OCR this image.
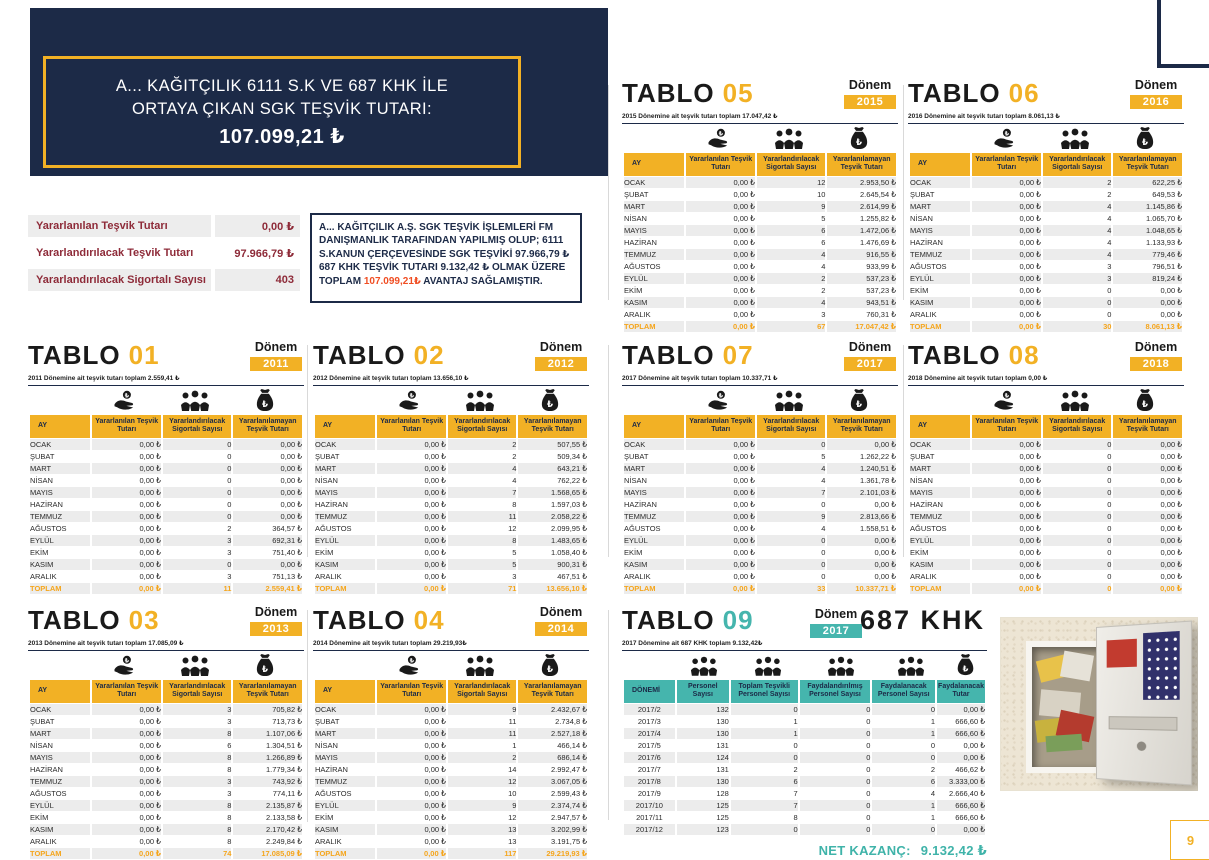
A... KAĞITÇILIK 6111 S.K VE 687 KHK İLE
ORTAYA ÇIKAN SGK TEŞVİK TUTARI:
107.099,21 ₺
Yararlanılan Teşvik Tutarı	0,00 ₺
Yararlandırılacak Teşvik Tutarı	97.966,79 ₺
Yararlandırılacak Sigortalı Sayısı	403
A... KAĞITÇILIK A.Ş. SGK TEŞVİK İŞLEMLERİ FM DANIŞMANLIK TARAFINDAN YAPILMIŞ OLUP; 6111 S.KANUN ÇERÇEVESİNDE SGK TEŞVİKİ 97.966,79 ₺ 687 KHK TEŞVİK TUTARI 9.132,42 ₺ OLMAK ÜZERE TOPLAM 107.099,21₺ AVANTAJ SAĞLAMIŞTIR.
TABLO 05	Dönem
2015
2015 Dönemine ait teşvik tutarı toplam 17.047,42 ₺
₺
₺
AY	Yararlanılan Teşvik Tutarı	Yararlandırılacak Sigortalı Sayısı	Yararlanılamayan Teşvik Tutarı
OCAK	0,00 ₺	12	2.953,50 ₺
ŞUBAT	0,00 ₺	10	2.645,54 ₺
MART	0,00 ₺	9	2.614,99 ₺
NİSAN	0,00 ₺	5	1.255,82 ₺
MAYIS	0,00 ₺	6	1.472,06 ₺
HAZİRAN	0,00 ₺	6	1.476,69 ₺
TEMMUZ	0,00 ₺	4	916,55 ₺
AĞUSTOS	0,00 ₺	4	933,99 ₺
EYLÜL	0,00 ₺	2	537,23 ₺
EKİM	0,00 ₺	2	537,23 ₺
KASIM	0,00 ₺	4	943,51 ₺
ARALIK	0,00 ₺	3	760,31 ₺
TOPLAM	0,00 ₺	67	17.047,42 ₺
TABLO 06	Dönem
2016
2016 Dönemine ait teşvik tutarı toplam 8.061,13 ₺
₺
₺
AY	Yararlanılan Teşvik Tutarı	Yararlandırılacak Sigortalı Sayısı	Yararlanılamayan Teşvik Tutarı
OCAK	0,00 ₺	2	622,25 ₺
ŞUBAT	0,00 ₺	2	649,53 ₺
MART	0,00 ₺	4	1.145,86 ₺
NİSAN	0,00 ₺	4	1.065,70 ₺
MAYIS	0,00 ₺	4	1.048,65 ₺
HAZİRAN	0,00 ₺	4	1.133,93 ₺
TEMMUZ	0,00 ₺	4	779,46 ₺
AĞUSTOS	0,00 ₺	3	796,51 ₺
EYLÜL	0,00 ₺	3	819,24 ₺
EKİM	0,00 ₺	0	0,00 ₺
KASIM	0,00 ₺	0	0,00 ₺
ARALIK	0,00 ₺	0	0,00 ₺
TOPLAM	0,00 ₺	30	8.061,13 ₺
TABLO 01	Dönem
2011
2011 Dönemine ait teşvik tutarı toplam 2.559,41 ₺
₺
₺
AY	Yararlanılan Teşvik Tutarı	Yararlandırılacak Sigortalı Sayısı	Yararlanılamayan Teşvik Tutarı
OCAK	0,00 ₺	0	0,00 ₺
ŞUBAT	0,00 ₺	0	0,00 ₺
MART	0,00 ₺	0	0,00 ₺
NİSAN	0,00 ₺	0	0,00 ₺
MAYIS	0,00 ₺	0	0,00 ₺
HAZİRAN	0,00 ₺	0	0,00 ₺
TEMMUZ	0,00 ₺	0	0,00 ₺
AĞUSTOS	0,00 ₺	2	364,57 ₺
EYLÜL	0,00 ₺	3	692,31 ₺
EKİM	0,00 ₺	3	751,40 ₺
KASIM	0,00 ₺	0	0,00 ₺
ARALIK	0,00 ₺	3	751,13 ₺
TOPLAM	0,00 ₺	11	2.559,41 ₺
TABLO 02	Dönem
2012
2012 Dönemine ait teşvik tutarı toplam 13.656,10 ₺
₺
₺
AY	Yararlanılan Teşvik Tutarı	Yararlandırılacak Sigortalı Sayısı	Yararlanılamayan Teşvik Tutarı
OCAK	0,00 ₺	2	507,55 ₺
ŞUBAT	0,00 ₺	2	509,34 ₺
MART	0,00 ₺	4	643,21 ₺
NİSAN	0,00 ₺	4	762,22 ₺
MAYIS	0,00 ₺	7	1.568,65 ₺
HAZİRAN	0,00 ₺	8	1.597,03 ₺
TEMMUZ	0,00 ₺	11	2.058,22 ₺
AĞUSTOS	0,00 ₺	12	2.099,95 ₺
EYLÜL	0,00 ₺	8	1.483,65 ₺
EKİM	0,00 ₺	5	1.058,40 ₺
KASIM	0,00 ₺	5	900,31 ₺
ARALIK	0,00 ₺	3	467,51 ₺
TOPLAM	0,00 ₺	71	13.656,10 ₺
TABLO 07	Dönem
2017
2017 Dönemine ait teşvik tutarı toplam 10.337,71 ₺
₺
₺
AY	Yararlanılan Teşvik Tutarı	Yararlandırılacak Sigortalı Sayısı	Yararlanılamayan Teşvik Tutarı
OCAK	0,00 ₺	0	0,00 ₺
ŞUBAT	0,00 ₺	5	1.262,22 ₺
MART	0,00 ₺	4	1.240,51 ₺
NİSAN	0,00 ₺	4	1.361,78 ₺
MAYIS	0,00 ₺	7	2.101,03 ₺
HAZİRAN	0,00 ₺	0	0,00 ₺
TEMMUZ	0,00 ₺	9	2.813,66 ₺
AĞUSTOS	0,00 ₺	4	1.558,51 ₺
EYLÜL	0,00 ₺	0	0,00 ₺
EKİM	0,00 ₺	0	0,00 ₺
KASIM	0,00 ₺	0	0,00 ₺
ARALIK	0,00 ₺	0	0,00 ₺
TOPLAM	0,00 ₺	33	10.337,71 ₺
TABLO 08	Dönem
2018
2018 Dönemine ait teşvik tutarı toplam 0,00 ₺
₺
₺
AY	Yararlanılan Teşvik Tutarı	Yararlandırılacak Sigortalı Sayısı	Yararlanılamayan Teşvik Tutarı
OCAK	0,00 ₺	0	0,00 ₺
ŞUBAT	0,00 ₺	0	0,00 ₺
MART	0,00 ₺	0	0,00 ₺
NİSAN	0,00 ₺	0	0,00 ₺
MAYIS	0,00 ₺	0	0,00 ₺
HAZİRAN	0,00 ₺	0	0,00 ₺
TEMMUZ	0,00 ₺	0	0,00 ₺
AĞUSTOS	0,00 ₺	0	0,00 ₺
EYLÜL	0,00 ₺	0	0,00 ₺
EKİM	0,00 ₺	0	0,00 ₺
KASIM	0,00 ₺	0	0,00 ₺
ARALIK	0,00 ₺	0	0,00 ₺
TOPLAM	0,00 ₺	0	0,00 ₺
TABLO 03	Dönem
2013
2013 Dönemine ait teşvik tutarı toplam 17.085,09 ₺
₺
₺
AY	Yararlanılan Teşvik Tutarı	Yararlandırılacak Sigortalı Sayısı	Yararlanılamayan Teşvik Tutarı
OCAK	0,00 ₺	3	705,82 ₺
ŞUBAT	0,00 ₺	3	713,73 ₺
MART	0,00 ₺	8	1.107,06 ₺
NİSAN	0,00 ₺	6	1.304,51 ₺
MAYIS	0,00 ₺	8	1.266,89 ₺
HAZİRAN	0,00 ₺	8	1.779,34 ₺
TEMMUZ	0,00 ₺	3	743,92 ₺
AĞUSTOS	0,00 ₺	3	774,11 ₺
EYLÜL	0,00 ₺	8	2.135,87 ₺
EKİM	0,00 ₺	8	2.133,58 ₺
KASIM	0,00 ₺	8	2.170,42 ₺
ARALIK	0,00 ₺	8	2.249,84 ₺
TOPLAM	0,00 ₺	74	17.085,09 ₺
TABLO 04	Dönem
2014
2014 Dönemine ait teşvik tutarı toplam 29.219,93₺
₺
₺
AY	Yararlanılan Teşvik Tutarı	Yararlandırılacak Sigortalı Sayısı	Yararlanılamayan Teşvik Tutarı
OCAK	0,00 ₺	9	2.432,67 ₺
ŞUBAT	0,00 ₺	11	2.734,8 ₺
MART	0,00 ₺	11	2.527,18 ₺
NİSAN	0,00 ₺	1	466,14 ₺
MAYIS	0,00 ₺	2	686,14 ₺
HAZİRAN	0,00 ₺	14	2.992,47 ₺
TEMMUZ	0,00 ₺	12	3.067,05 ₺
AĞUSTOS	0,00 ₺	10	2.599,43 ₺
EYLÜL	0,00 ₺	9	2.374,74 ₺
EKİM	0,00 ₺	12	2.947,57 ₺
KASIM	0,00 ₺	13	3.202,99 ₺
ARALIK	0,00 ₺	13	3.191,75 ₺
TOPLAM	0,00 ₺	117	29.219,93 ₺
TABLO 09	Dönem
2017 687 KHK
2017 Dönemine ait 687 KHK toplam 9.132,42₺
₺
DÖNEMİ	Personel Sayısı	Toplam Teşvikli Personel Sayısı	Faydalandırılmış Personel Sayısı	Faydalanacak Personel Sayısı	Faydalanacak Tutar
2017/2	132	0	0	0	0,00 ₺
2017/3	130	1	0	1	666,60 ₺
2017/4	130	1	0	1	666,60 ₺
2017/5	131	0	0	0	0,00 ₺
2017/6	124	0	0	0	0,00 ₺
2017/7	131	2	0	2	466,62 ₺
2017/8	130	6	0	6	3.333,00 ₺
2017/9	128	7	0	4	2.666,40 ₺
2017/10	125	7	0	1	666,60 ₺
2017/11	125	8	0	1	666,60 ₺
2017/12	123	0	0	0	0,00 ₺
NET KAZANÇ: 9.132,42 ₺
9
